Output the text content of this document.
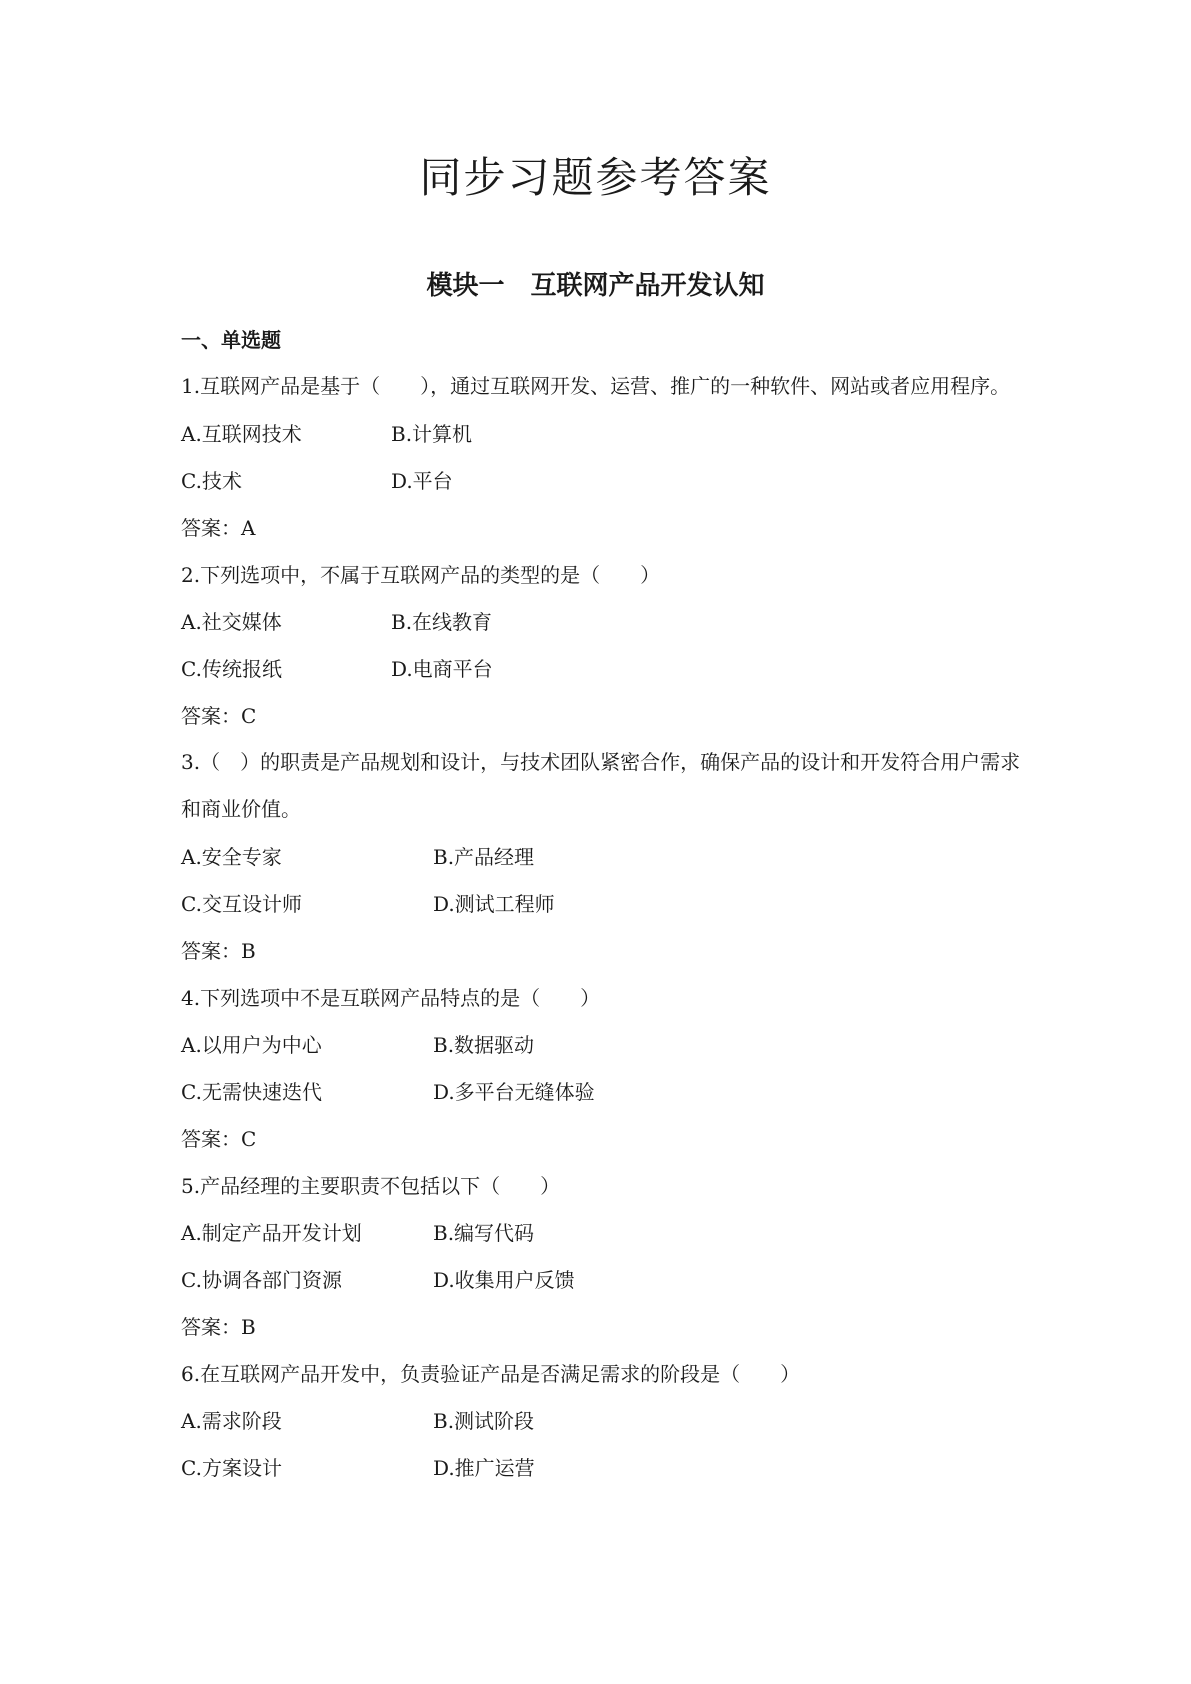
同步习题参考答案
模块一　互联网产品开发认知
一、单选题
1.互联网产品是基于（　　），通过互联网开发、运营、推广的一种软件、网站或者应用程序。
A.互联网技术	B.计算机
C.技术	D.平台
答案：A
2.下列选项中，不属于互联网产品的类型的是（　　）
A.社交媒体	B.在线教育
C.传统报纸	D.电商平台
答案：C
3.（　）的职责是产品规划和设计，与技术团队紧密合作，确保产品的设计和开发符合用户需求和商业价值。
A.安全专家	B.产品经理
C.交互设计师	D.测试工程师
答案：B
4.下列选项中不是互联网产品特点的是（　　）
A.以用户为中心	B.数据驱动
C.无需快速迭代	D.多平台无缝体验
答案：C
5.产品经理的主要职责不包括以下（　　）
A.制定产品开发计划	B.编写代码
C.协调各部门资源	D.收集用户反馈
答案：B
6.在互联网产品开发中，负责验证产品是否满足需求的阶段是（　　）
A.需求阶段	B.测试阶段
C.方案设计	D.推广运营
